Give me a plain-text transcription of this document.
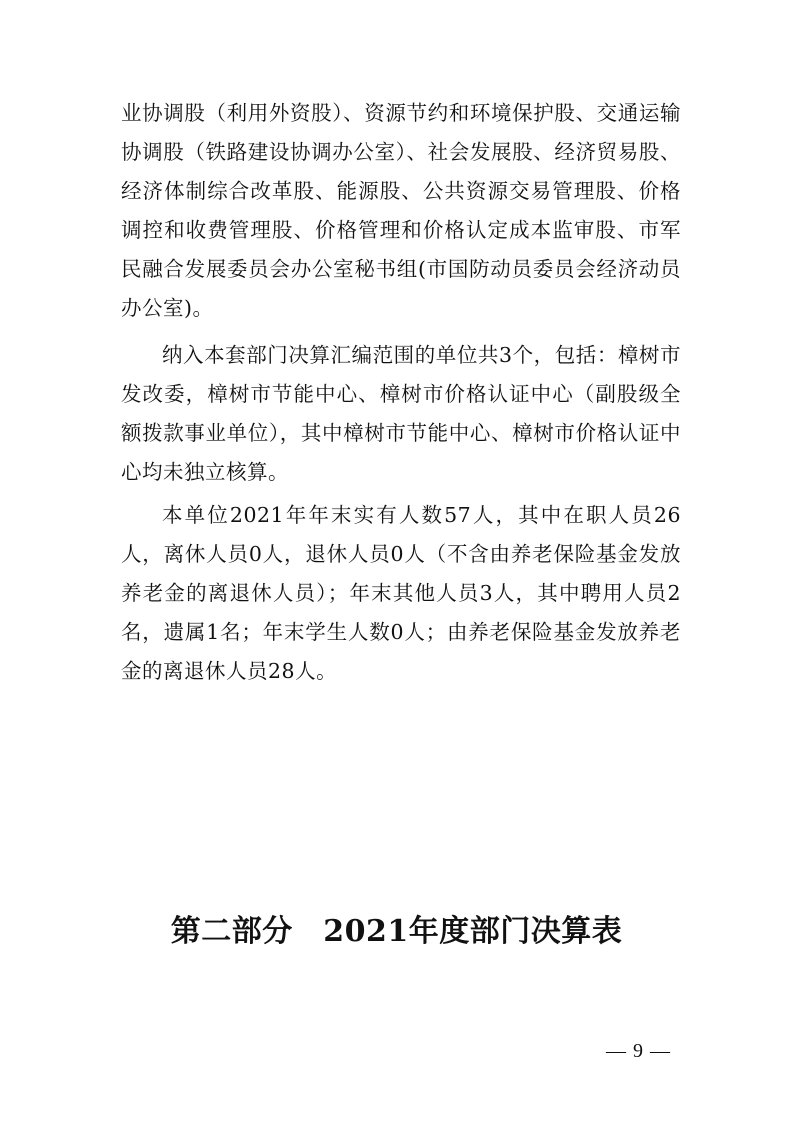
业协调股（利用外资股）、资源节约和环境保护股、交通运输协调股（铁路建设协调办公室）、社会发展股、经济贸易股、经济体制综合改革股、能源股、公共资源交易管理股、价格调控和收费管理股、价格管理和价格认定成本监审股、市军民融合发展委员会办公室秘书组(市国防动员委员会经济动员办公室)。

纳入本套部门决算汇编范围的单位共3个，包括：樟树市发改委，樟树市节能中心、樟树市价格认证中心（副股级全额拨款事业单位），其中樟树市节能中心、樟树市价格认证中心均未独立核算。

本单位2021年年末实有人数57人，其中在职人员26人，离休人员0人，退休人员0人（不含由养老保险基金发放养老金的离退休人员）；年末其他人员3人，其中聘用人员2名，遗属1名；年末学生人数0人；由养老保险基金发放养老金的离退休人员28人。

第二部分　2021年度部门决算表
— 9 —
